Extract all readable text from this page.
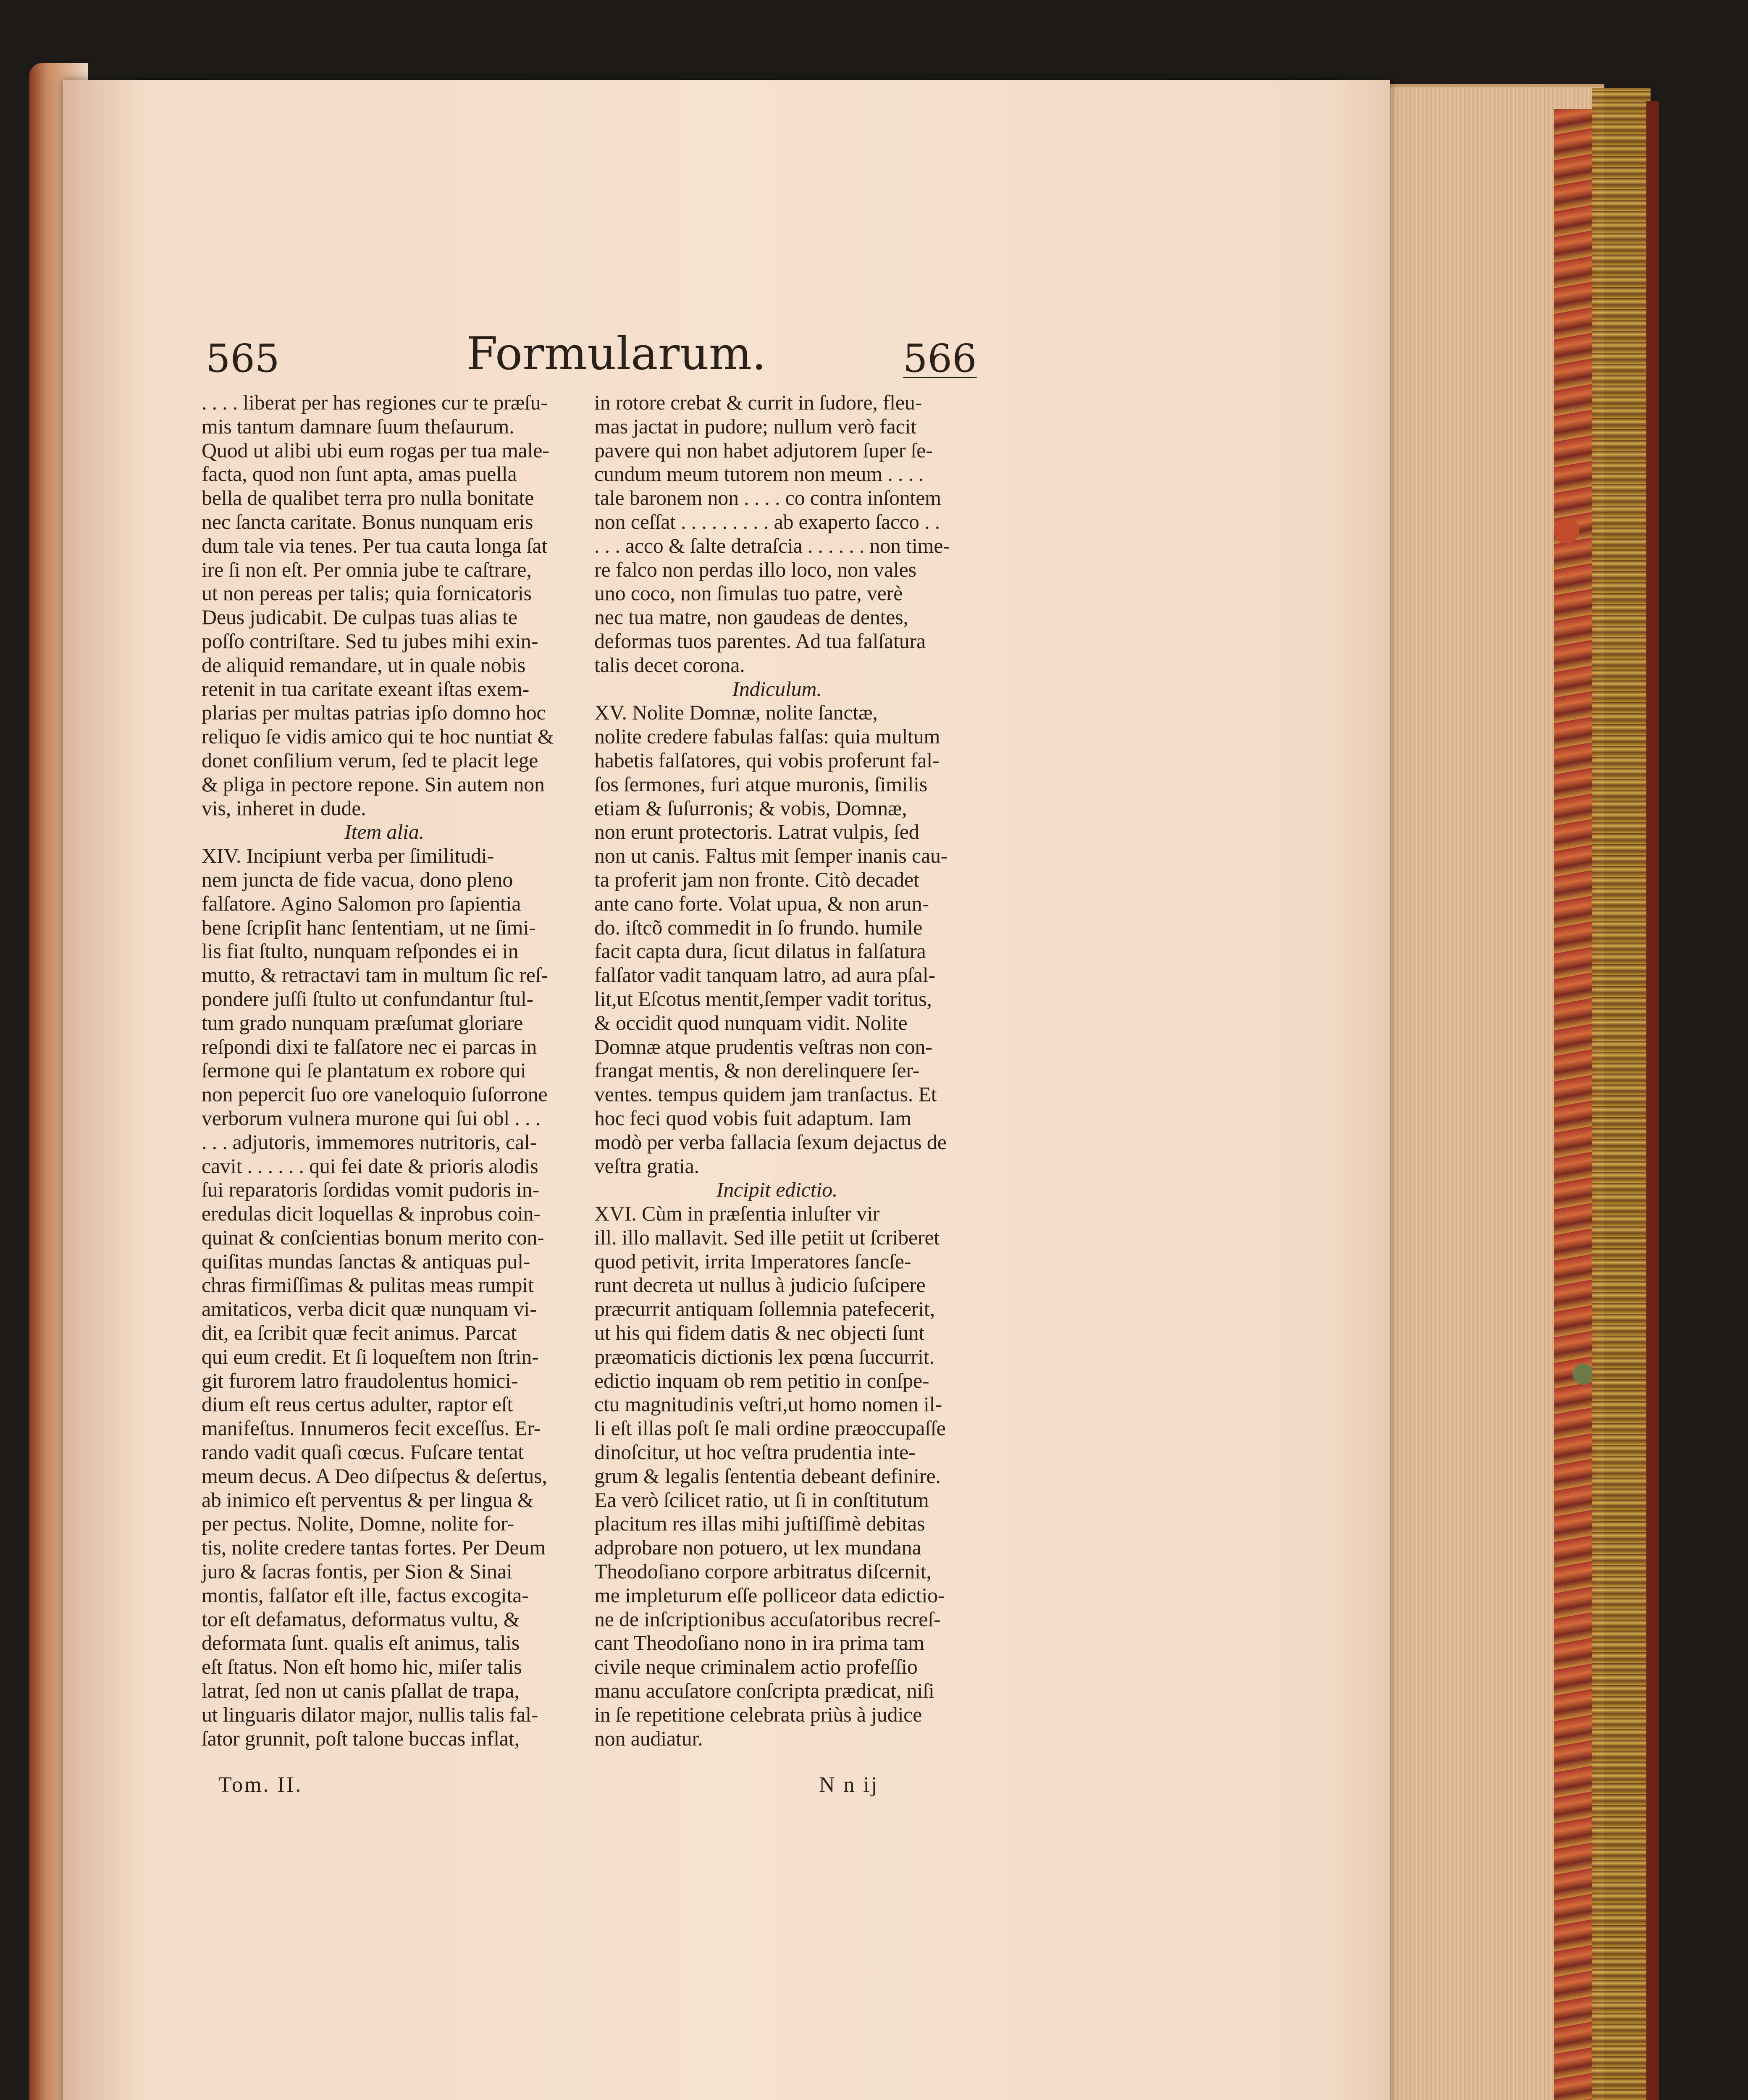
565	Formularum.	566
. . . . liberat per has regiones cur te præſu-
mis tantum damnare ſuum theſaurum.
Quod ut alibi ubi eum rogas per tua male-
facta, quod non ſunt apta, amas puella
bella de qualibet terra pro nulla bonitate
nec ſancta caritate. Bonus nunquam eris
dum tale via tenes. Per tua cauta longa ſat
ire ſi non eſt. Per omnia jube te caſtrare,
ut non pereas per talis; quia fornicatoris
Deus judicabit. De culpas tuas alias te
poſſo contriſtare. Sed tu jubes mihi exin-
de aliquid remandare, ut in quale nobis
retenit in tua caritate exeant iſtas exem-
plarias per multas patrias ipſo domno hoc
reliquo ſe vidis amico qui te hoc nuntiat &
donet conſilium verum, ſed te placit lege
& pliga in pectore repone. Sin autem non
vis, inheret in dude.
Item alia.
XIV. Incipiunt verba per ſimilitudi-
nem juncta de fide vacua, dono pleno
falſatore. Agino Salomon pro ſapientia
bene ſcripſit hanc ſententiam, ut ne ſimi-
lis fiat ſtulto, nunquam reſpondes ei in
mutto, & retractavi tam in multum ſic reſ-
pondere juſſi ſtulto ut confundantur ſtul-
tum grado nunquam præſumat gloriare
reſpondi dixi te falſatore nec ei parcas in
ſermone qui ſe plantatum ex robore qui
non pepercit ſuo ore vaneloquio ſuſorrone
verborum vulnera murone qui ſui obl . . .
. . . adjutoris, immemores nutritoris, cal-
cavit . . . . . . qui fei date & prioris alodis
ſui reparatoris ſordidas vomit pudoris in-
eredulas dicit loquellas & inprobus coin-
quinat & conſcientias bonum merito con-
quiſitas mundas ſanctas & antiquas pul-
chras firmiſſimas & pulitas meas rumpit
amitaticos, verba dicit quæ nunquam vi-
dit, ea ſcribit quæ fecit animus. Parcat
qui eum credit. Et ſi loqueſtem non ſtrin-
git furorem latro fraudolentus homici-
dium eſt reus certus adulter, raptor eſt
manifeſtus. Innumeros fecit exceſſus. Er-
rando vadit quaſi cœcus. Fuſcare tentat
meum decus. A Deo diſpectus & deſertus,
ab inimico eſt perventus & per lingua &
per pectus. Nolite, Domne, nolite for-
tis, nolite credere tantas fortes. Per Deum
juro & ſacras fontis, per Sion & Sinai
montis, falſator eſt ille, factus excogita-
tor eſt defamatus, deformatus vultu, &
deformata ſunt. qualis eſt animus, talis
eſt ſtatus. Non eſt homo hic, miſer talis
latrat, ſed non ut canis pſallat de trapa,
ut linguaris dilator major, nullis talis fal-
ſator grunnit, poſt talone buccas inflat,
in rotore crebat & currit in ſudore, fleu-
mas jactat in pudore; nullum verò facit
pavere qui non habet adjutorem ſuper ſe-
cundum meum tutorem non meum . . . .
tale baronem non . . . . co contra inſontem
non ceſſat . . . . . . . . . ab exaperto ſacco . .
. . . acco & ſalte detraſcia . . . . . . non time-
re falco non perdas illo loco, non vales
uno coco, non ſimulas tuo patre, verè
nec tua matre, non gaudeas de dentes,
deformas tuos parentes. Ad tua falſatura
talis decet corona.
Indiculum.
XV. Nolite Domnæ, nolite ſanctæ,
nolite credere fabulas falſas: quia multum
habetis falſatores, qui vobis proferunt fal-
ſos ſermones, furi atque muronis, ſimilis
etiam & ſuſurronis; & vobis, Domnæ,
non erunt protectoris. Latrat vulpis, ſed
non ut canis. Faltus mit ſemper inanis cau-
ta proferit jam non fronte. Citò decadet
ante cano forte. Volat upua, & non arun-
do. iſtcõ commedit in ſo frundo. humile
facit capta dura, ſicut dilatus in falſatura
falſator vadit tanquam latro, ad aura pſal-
lit,ut Eſcotus mentit,ſemper vadit toritus,
& occidit quod nunquam vidit. Nolite
Domnæ atque prudentis veſtras non con-
frangat mentis, & non derelinquere ſer-
ventes. tempus quidem jam tranſactus. Et
hoc feci quod vobis fuit adaptum. Iam
modò per verba fallacia ſexum dejactus de
veſtra gratia.
Incipit edictio.
XVI. Cùm in præſentia inluſter vir
ill. illo mallavit. Sed ille petiit ut ſcriberet
quod petivit, irrita Imperatores ſancſe-
runt decreta ut nullus à judicio ſuſcipere
præcurrit antiquam ſollemnia patefecerit,
ut his qui fidem datis & nec objecti ſunt
præomaticis dictionis lex pœna ſuccurrit.
edictio inquam ob rem petitio in conſpe-
ctu magnitudinis veſtri,ut homo nomen il-
li eſt illas poſt ſe mali ordine præoccupaſſe
dinoſcitur, ut hoc veſtra prudentia inte-
grum & legalis ſententia debeant definire.
Ea verò ſcilicet ratio, ut ſi in conſtitutum
placitum res illas mihi juſtiſſimè debitas
adprobare non potuero, ut lex mundana
Theodoſiano corpore arbitratus diſcernit,
me impleturum eſſe polliceor data edictio-
ne de inſcriptionibus accuſatoribus recreſ-
cant Theodoſiano nono in ira prima tam
civile neque criminalem actio profeſſio
manu accuſatore conſcripta prædicat, niſi
in ſe repetitione celebrata priùs à judice
non audiatur.
Tom. II.	N n ij
